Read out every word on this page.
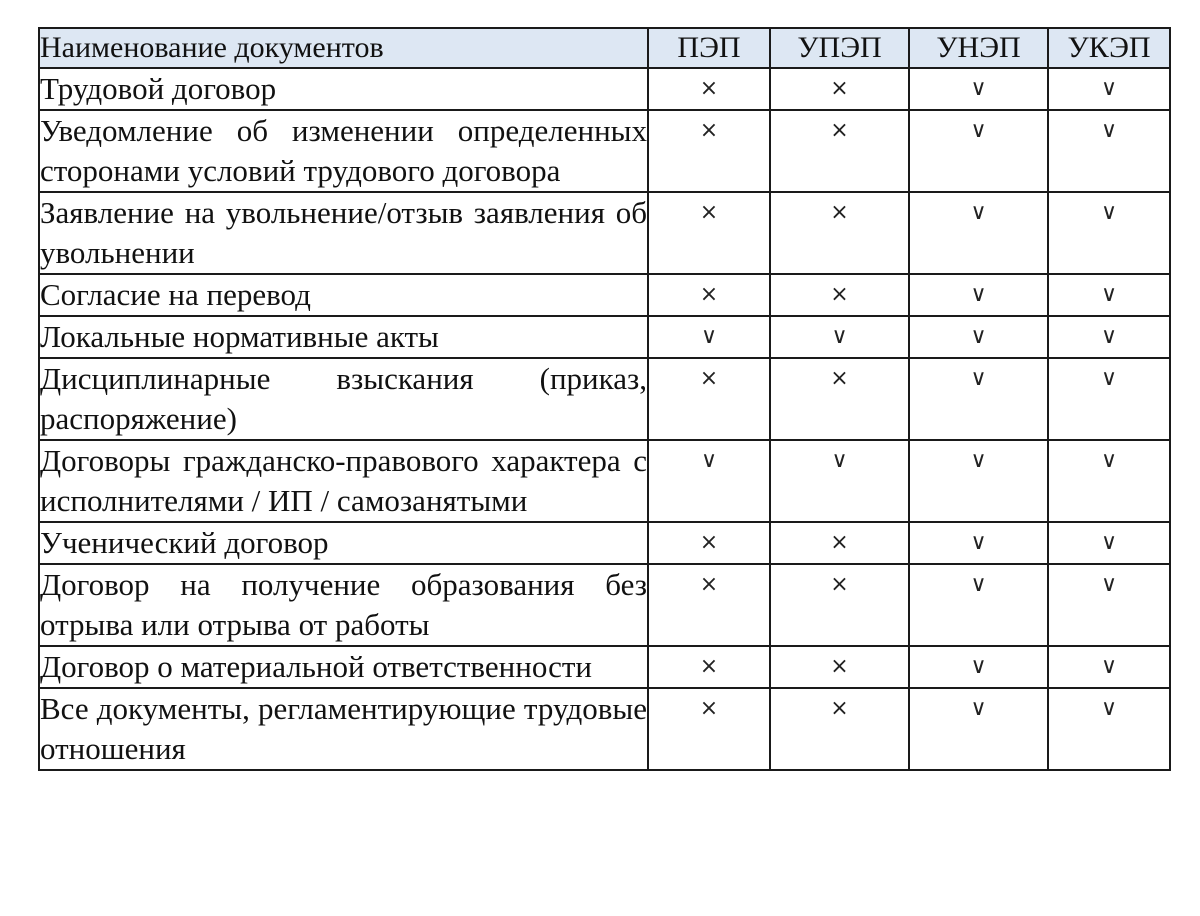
Наименование документов	ПЭП	УПЭП	УНЭП	УКЭП
Трудовой договор	×	×	∨	∨
Уведомление об изменении определенных сторонами условий трудового договора	×	×	∨	∨
Заявление на увольнение/отзыв заявления об увольнении	×	×	∨	∨
Согласие на перевод	×	×	∨	∨
Локальные нормативные акты	∨	∨	∨	∨
Дисциплинарные взыскания (приказ, распоряжение)	×	×	∨	∨
Договоры гражданско-правового характера с исполнителями / ИП / самозанятыми	∨	∨	∨	∨
Ученический договор	×	×	∨	∨
Договор на получение образования без отрыва или отрыва от работы	×	×	∨	∨
Договор о материальной ответственности	×	×	∨	∨
Все документы, регламентирующие трудовые отношения	×	×	∨	∨
